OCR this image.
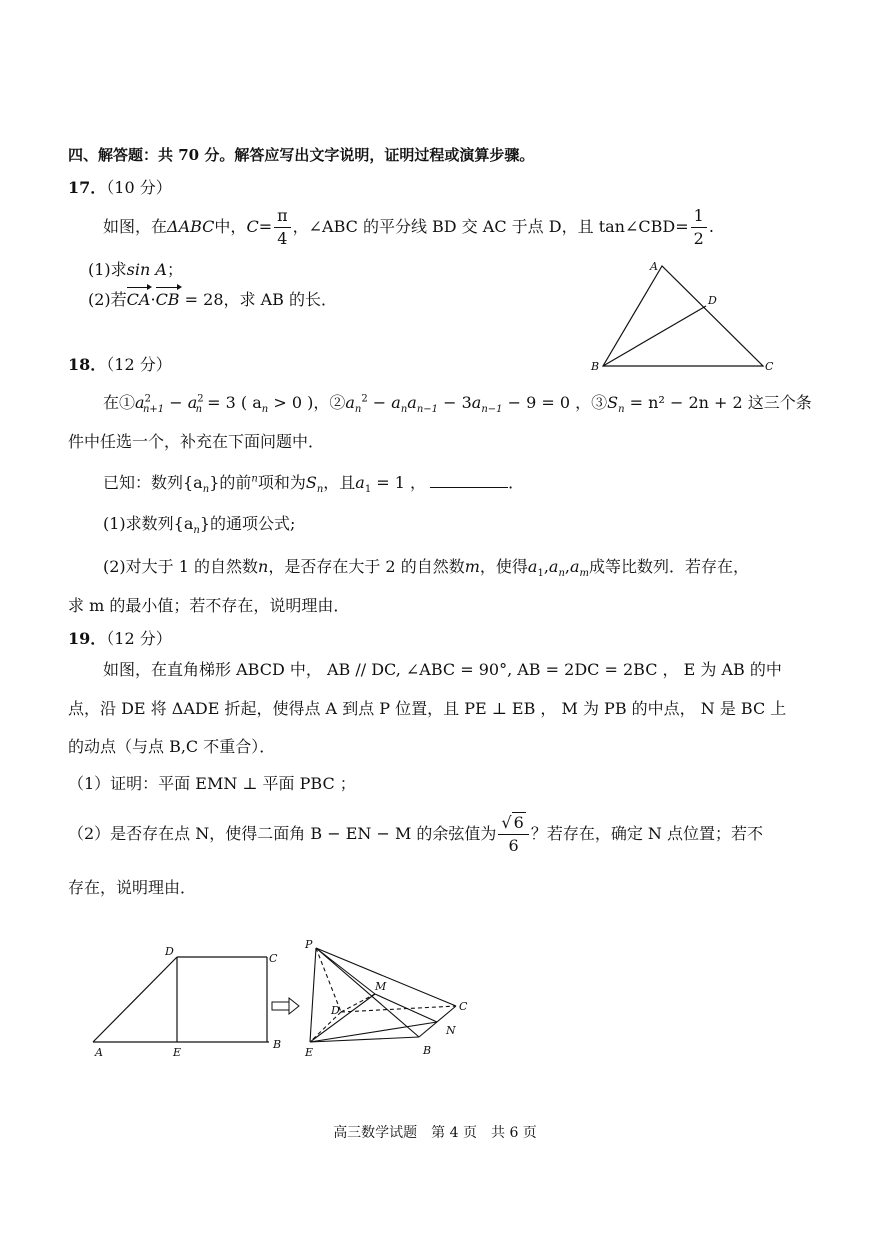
四、解答题：共 70 分。解答应写出文字说明，证明过程或演算步骤。
17．（10 分）
如图，在ΔABC中，$C= \frac{\pi}{4}$ ，∠ABC 的平分线 BD 交 AC 于点 D，且 tan∠CBD= $\frac{1}{2}$ .
(1)求sin A；
(2)若CA·CB = 28，求 AB 的长．
A
D
B	C
18．（12 分）
在$①a^2_{n+1} - a^2_n = 3$ ( $a_n > 0$ )，$②a_n^2 - a_na_{n-1} - 3a_{n-1} - 9 = 0$ ，$③S_n = n^2 - 2n + 2$ 这三个条
件中任选一个，补充在下面问题中．
已知：数列$\{a_n\}$的前$^n$项和为$S_n$，且$a_1 = 1$ ，	．
(1)求数列$\{a_n\}$的通项公式;
(2)对大于 1 的自然数n，是否存在大于 2 的自然数m，使得$a_1,a_n,a_m$成等比数列．若存在，
求 m 的最小值；若不存在，说明理由．
19．（12 分）
如图，在直角梯形 ABCD 中， AB // DC, ∠ABC = 90°, AB = 2DC = 2BC ， E 为 AB 的中
点，沿 DE 将 ΔADE 折起，使得点 A 到点 P 位置，且 PE ⊥ EB ， M 为 PB 的中点， N 是 BC 上
的动点（与点 B,C 不重合）．
（1）证明：平面 EMN ⊥ 平面 PBC ；
（2）是否存在点 N，使得二面角 B − EN − M 的余弦值为 $\frac{√ 6}{6}$ ？若存在，确定 N 点位置；若不
存在，说明理由．
D
C
A	E
B
P
M
D	C
N
E	B
高三数学试题　第 4 页　共 6 页
